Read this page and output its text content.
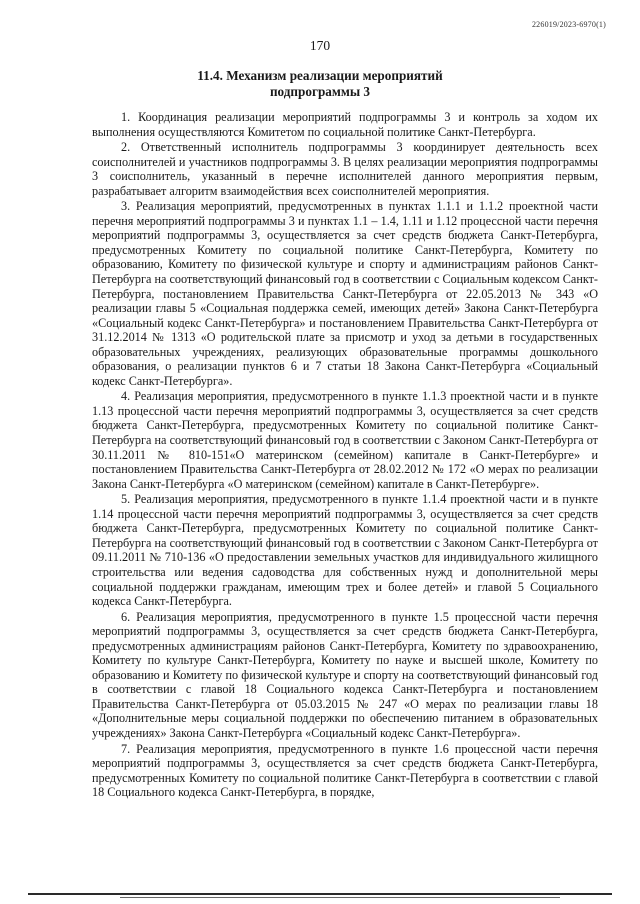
226019/2023-6970(1)
170
11.4. Механизм реализации мероприятий
подпрограммы 3

1. Координация реализации мероприятий подпрограммы 3 и контроль за ходом их выполнения осуществляются Комитетом по социальной политике Санкт-Петербурга.

2. Ответственный исполнитель подпрограммы 3 координирует деятельность всех соисполнителей и участников подпрограммы 3. В целях реализации мероприятия подпрограммы 3 соисполнитель, указанный в перечне исполнителей данного мероприятия первым, разрабатывает алгоритм взаимодействия всех соисполнителей мероприятия.

3. Реализация мероприятий, предусмотренных в пунктах 1.1.1 и 1.1.2 проектной части перечня мероприятий подпрограммы 3 и пунктах 1.1 – 1.4, 1.11 и 1.12 процессной части перечня мероприятий подпрограммы 3, осуществляется за счет средств бюджета Санкт-Петербурга, предусмотренных Комитету по социальной политике Санкт-Петербурга, Комитету по образованию, Комитету по физической культуре и спорту и администрациям районов Санкт-Петербурга на соответствующий финансовый год в соответствии с Социальным кодексом Санкт-Петербурга, постановлением Правительства Санкт-Петербурга от 22.05.2013 № 343 «О реализации главы 5 «Социальная поддержка семей, имеющих детей» Закона Санкт-Петербурга «Социальный кодекс Санкт-Петербурга» и постановлением Правительства Санкт-Петербурга от 31.12.2014 № 1313 «О родительской плате за присмотр и уход за детьми в государственных образовательных учреждениях, реализующих образовательные программы дошкольного образования, о реализации пунктов 6 и 7 статьи 18 Закона Санкт-Петербурга «Социальный кодекс Санкт-Петербурга».

4. Реализация мероприятия, предусмотренного в пункте 1.1.3 проектной части и в пункте 1.13 процессной части перечня мероприятий подпрограммы 3, осуществляется за счет средств бюджета Санкт-Петербурга, предусмотренных Комитету по социальной политике Санкт-Петербурга на соответствующий финансовый год в соответствии с Законом Санкт-Петербурга от 30.11.2011 № 810-151«О материнском (семейном) капитале в Санкт-Петербурге» и постановлением Правительства Санкт-Петербурга от 28.02.2012 № 172 «О мерах по реализации Закона Санкт-Петербурга «О материнском (семейном) капитале в Санкт-Петербурге».

5. Реализация мероприятия, предусмотренного в пункте 1.1.4 проектной части и в пункте 1.14 процессной части перечня мероприятий подпрограммы 3, осуществляется за счет средств бюджета Санкт-Петербурга, предусмотренных Комитету по социальной политике Санкт-Петербурга на соответствующий финансовый год в соответствии с Законом Санкт-Петербурга от 09.11.2011 № 710-136 «О предоставлении земельных участков для индивидуального жилищного строительства или ведения садоводства для собственных нужд и дополнительной меры социальной поддержки гражданам, имеющим трех и более детей» и главой 5 Социального кодекса Санкт-Петербурга.

6. Реализация мероприятия, предусмотренного в пункте 1.5 процессной части перечня мероприятий подпрограммы 3, осуществляется за счет средств бюджета Санкт-Петербурга, предусмотренных администрациям районов Санкт-Петербурга, Комитету по здравоохранению, Комитету по культуре Санкт-Петербурга, Комитету по науке и высшей школе, Комитету по образованию и Комитету по физической культуре и спорту на соответствующий финансовый год в соответствии с главой 18 Социального кодекса Санкт-Петербурга и постановлением Правительства Санкт-Петербурга от 05.03.2015 № 247 «О мерах по реализации главы 18 «Дополнительные меры социальной поддержки по обеспечению питанием в образовательных учреждениях» Закона Санкт-Петербурга «Социальный кодекс Санкт-Петербурга».

7. Реализация мероприятия, предусмотренного в пункте 1.6 процессной части перечня мероприятий подпрограммы 3, осуществляется за счет средств бюджета Санкт-Петербурга, предусмотренных Комитету по социальной политике Санкт-Петербурга в соответствии с главой 18 Социального кодекса Санкт-Петербурга, в порядке,
